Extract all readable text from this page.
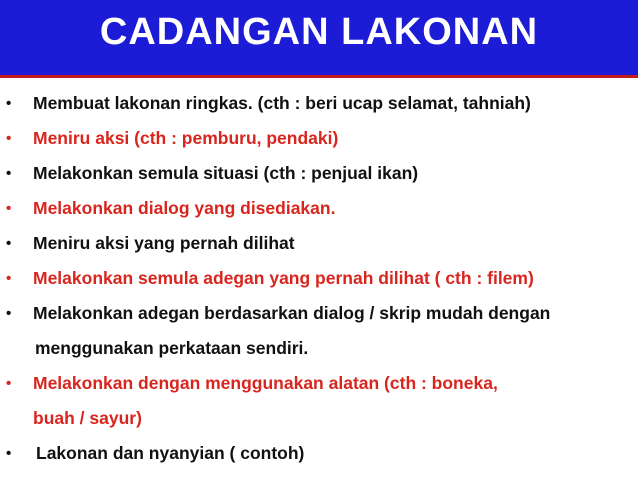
CADANGAN LAKONAN
• Membuat lakonan ringkas. (cth : beri ucap selamat, tahniah)
• Meniru aksi (cth : pemburu, pendaki)
• Melakonkan semula situasi (cth : penjual ikan)
• Melakonkan dialog yang disediakan.
• Meniru aksi yang pernah dilihat
• Melakonkan semula adegan yang pernah dilihat ( cth : filem)
• Melakonkan adegan berdasarkan dialog / skrip mudah dengan
menggunakan perkataan sendiri.
• Melakonkan dengan menggunakan alatan (cth : boneka,
buah / sayur)
• Lakonan dan nyanyian ( contoh)
